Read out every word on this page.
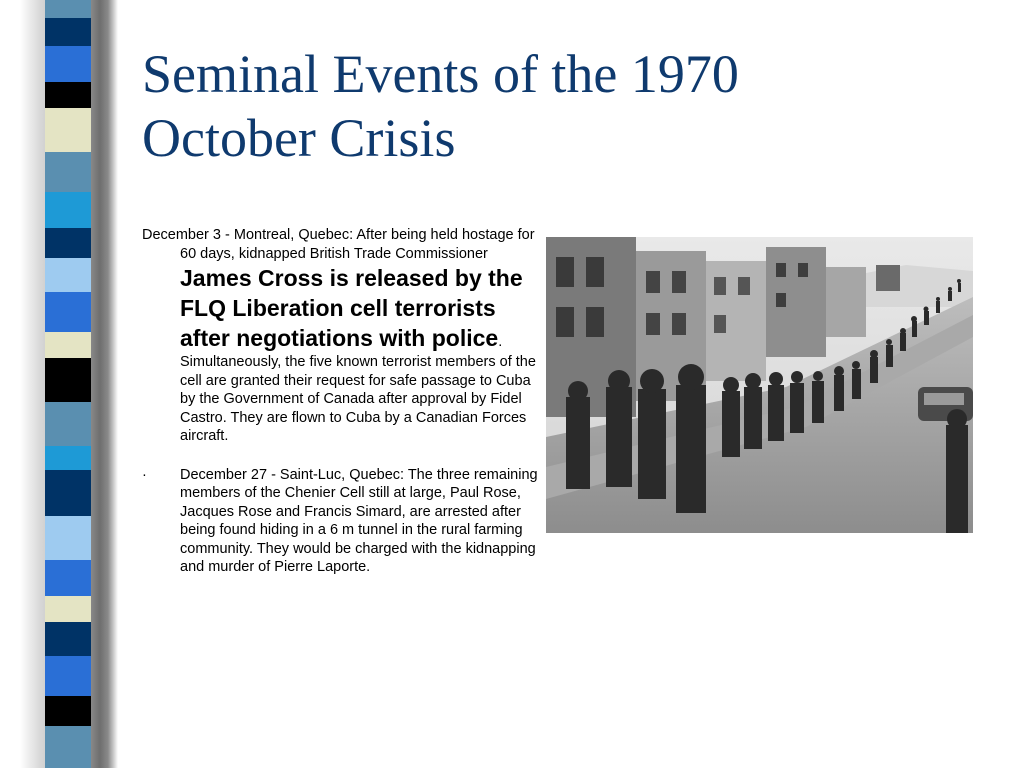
Seminal Events of the 1970
October Crisis

December 3 - Montreal, Quebec: After being held hostage for 60 days, kidnapped British Trade Commissioner James Cross is released by the FLQ Liberation cell terrorists after negotiations with police. Simultaneously, the five known terrorist members of the cell are granted their request for safe passage to Cuba by the Government of Canada after approval by Fidel Castro. They are flown to Cuba by a Canadian Forces aircraft.

·	December 27 - Saint-Luc, Quebec: The three remaining members of the Chenier Cell still at large, Paul Rose, Jacques Rose and Francis Simard, are arrested after being found hiding in a 6 m tunnel in the rural farming community. They would be charged with the kidnapping and murder of Pierre Laporte.
